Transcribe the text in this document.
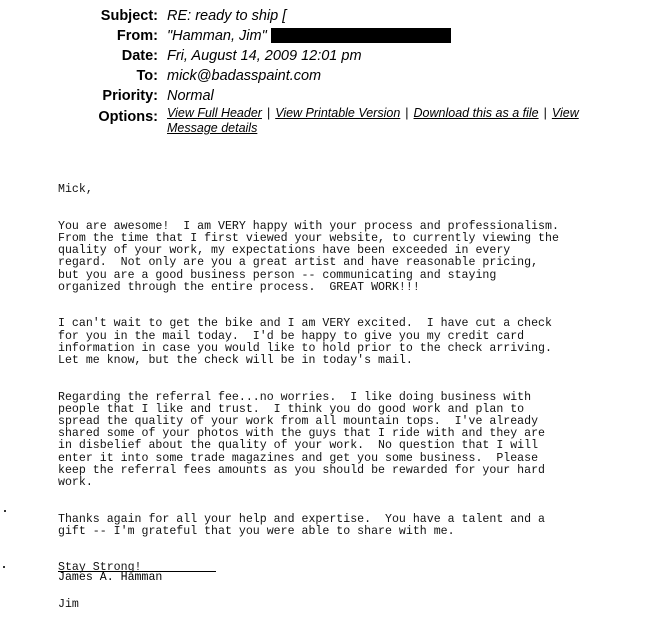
Subject: RE: ready to ship [
From: "Hamman, Jim"
Date: Fri, August 14, 2009 12:01 pm
To: mick@badasspaint.com
Priority: Normal
Options: View Full Header | View Printable Version | Download this as a file | View Message details

Mick,

You are awesome!  I am VERY happy with your process and professionalism.
From the time that I first viewed your website, to currently viewing the
quality of your work, my expectations have been exceeded in every
regard.  Not only are you a great artist and have reasonable pricing,
but you are a good business person -- communicating and staying
organized through the entire process.  GREAT WORK!!!

I can't wait to get the bike and I am VERY excited.  I have cut a check
for you in the mail today.  I'd be happy to give you my credit card
information in case you would like to hold prior to the check arriving.
Let me know, but the check will be in today's mail.

Regarding the referral fee...no worries.  I like doing business with
people that I like and trust.  I think you do good work and plan to
spread the quality of your work from all mountain tops.  I've already
shared some of your photos with the guys that I ride with and they are
in disbelief about the quality of your work.  No question that I will
enter it into some trade magazines and get you some business.  Please
keep the referral fees amounts as you should be rewarded for your hard
work.

Thanks again for all your help and expertise.  You have a talent and a
gift -- I'm grateful that you were able to share with me.

Stay Strong!

Jim

James A. Hamman
